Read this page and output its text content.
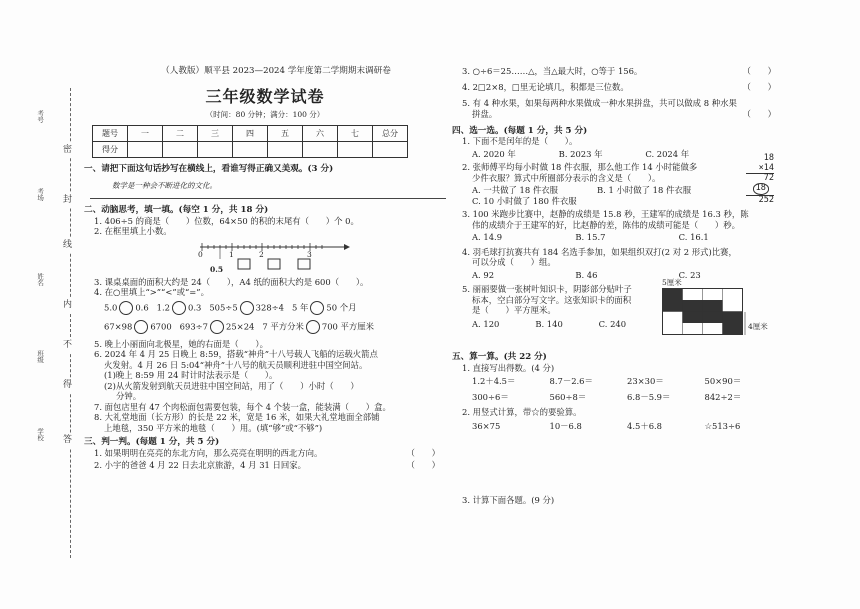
考号
考场
姓名
班级
学校
密
封
线
内
不
得
答
（人教版）顺平县 2023—2024 学年度第二学期期末调研卷
三年级数学试卷
（时间：80 分钟；满分：100 分）
题号	一	二	三	四	五	六	七	总分
得分								
一、请把下面这句话抄写在横线上，看谁写得正确又美观。(3 分)
数学是一种会不断进化的文化。
二、动脑思考，填一填。(每空 1 分，共 18 分)
1. 406÷5 的商是（　　）位数，64×50 的积的末尾有（　　）个 0。
2. 在框里填上小数。
0	1	2	3
0.5
3. 课桌桌面的面积大约是 24（　　），A4 纸的面积大约是 600（　　）。
4. 在○里填上“>”“<”或“=”。
5.0 0.6 1.2 0.3 505÷5 328÷4 5 年 50 个月
67×98 6700 693÷7 25×24 7 平方分米 700 平方厘米
5. 晚上小丽面向北极星，她的右面是（　　）。
6. 2024 年 4 月 25 日晚上 8:59，搭载“神舟”十八号载人飞船的运载火箭点
火发射。4 月 26 日 5:04“神舟”十八号的航天员顺利进驻中国空间站。
(1)晚上 8:59 用 24 时计时法表示是（　　）。
(2)从火箭发射到航天员进驻中国空间站，用了（　　）小时（　　）
分钟。
7. 面包店里有 47 个肉松面包需要包装，每个 4 个装一盒，能装满（　　）盒。
8. 大礼堂地面（长方形）的长是 22 米，宽是 16 米，如果大礼堂地面全部铺
上地毯，350 平方米的地毯（　　）用。(填“够”或“不够”)
三、判一判。(每题 1 分，共 5 分)
1. 如果明明在亮亮的东北方向，那么亮亮在明明的西北方向。	（　　）
2. 小宇的爸爸 4 月 22 日去北京旅游，4 月 31 日回家。	（　　）
3. ○÷6＝25……△，当△最大时，○等于 156。	（　　）
4. 2□2×8，□里无论填几，积都是三位数。	（　　）
5. 有 4 种水果，如果每两种水果做成一种水果拼盘，共可以做成 8 种水果
拼盘。	（　　）
四、选一选。(每题 1 分，共 5 分)
1. 下面不是闰年的是（　　）。
A. 2020 年	B. 2023 年	C. 2024 年
2. 张师傅平均每小时做 18 件衣服，那么他工作 14 小时能做多
少件衣服？算式中所圈部分表示的含义是（　　）。
A. 一共做了 18 件衣服	B. 1 小时做了 18 件衣服
C. 10 小时做了 180 件衣服
18
×14
72
18
252
3. 100 米跑步比赛中，赵静的成绩是 15.8 秒，王建军的成绩是 16.3 秒，陈
伟的成绩介于王建军的好，比赵静的差，陈伟的成绩可能是（　　）秒。
A. 14.9	B. 15.7	C. 16.1
4. 羽毛球打抗赛共有 184 名选手参加，如果组织双打(2 对 2 形式)比赛，
可以分成（　　）组。
A. 92	B. 46	C. 23
5. 丽丽要做一张树叶知识卡，阴影部分贴叶子
标本，空白部分写文字。这张知识卡的面积
是（　　）平方厘米。
A. 120	B. 140	C. 240
5厘米
4厘米
五、算一算。(共 22 分)
1. 直接写出得数。(4 分)
1.2＋4.5＝	8.7－2.6＝	23×30＝	50×90＝
300÷6＝	560÷8＝	6.8－5.9＝	842÷2＝
2. 用竖式计算，带☆的要验算。
36×75	10－6.8	4.5＋6.8	☆513÷6
3. 计算下面各题。(9 分)
